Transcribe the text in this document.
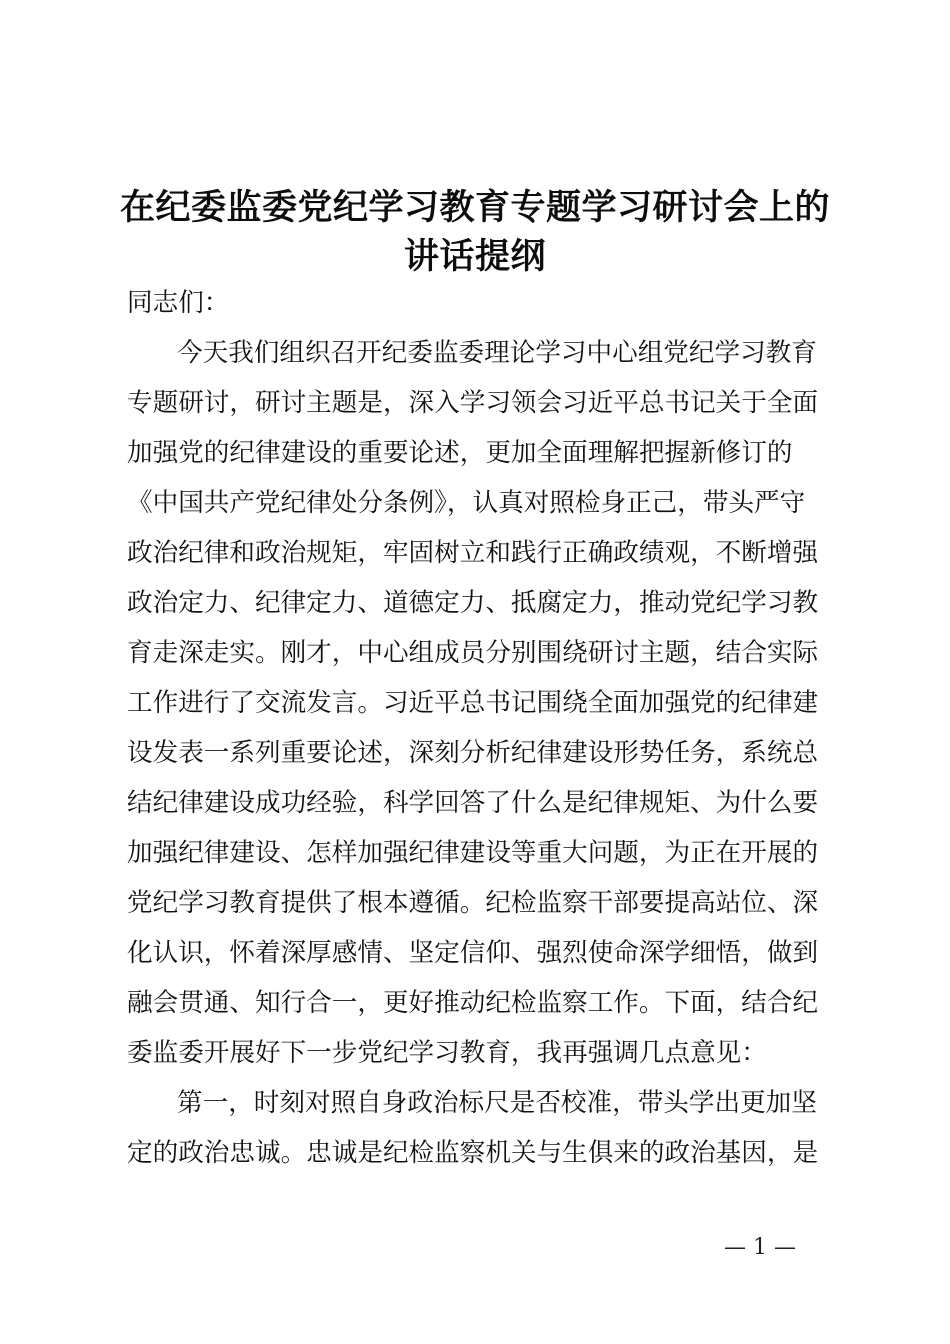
在纪委监委党纪学习教育专题学习研讨会上的
讲话提纲
同志们：
今天我们组织召开纪委监委理论学习中心组党纪学习教育
专题研讨，研讨主题是，深入学习领会习近平总书记关于全面
加强党的纪律建设的重要论述，更加全面理解把握新修订的
《中国共产党纪律处分条例》，认真对照检身正己，带头严守
政治纪律和政治规矩，牢固树立和践行正确政绩观，不断增强
政治定力、纪律定力、道德定力、抵腐定力，推动党纪学习教
育走深走实。刚才，中心组成员分别围绕研讨主题，结合实际
工作进行了交流发言。习近平总书记围绕全面加强党的纪律建
设发表一系列重要论述，深刻分析纪律建设形势任务，系统总
结纪律建设成功经验，科学回答了什么是纪律规矩、为什么要
加强纪律建设、怎样加强纪律建设等重大问题，为正在开展的
党纪学习教育提供了根本遵循。纪检监察干部要提高站位、深
化认识，怀着深厚感情、坚定信仰、强烈使命深学细悟，做到
融会贯通、知行合一，更好推动纪检监察工作。下面，结合纪
委监委开展好下一步党纪学习教育，我再强调几点意见：
第一，时刻对照自身政治标尺是否校准，带头学出更加坚
定的政治忠诚。忠诚是纪检监察机关与生俱来的政治基因，是
— 1 —
